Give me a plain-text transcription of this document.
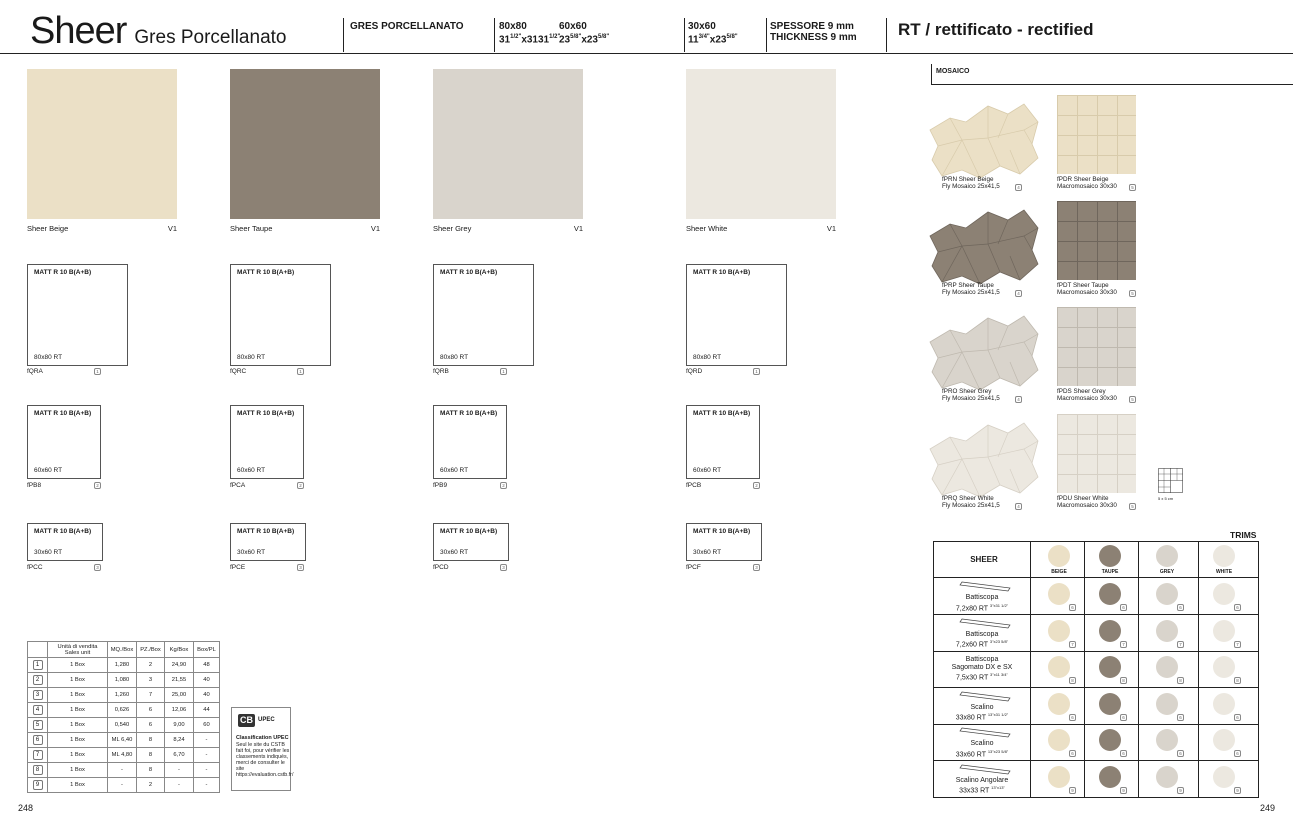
Sheer Gres Porcellanato
GRES PORCELLANATO	80x80
$31^{1/2"}x3131^{1/2"}$
60x60
$23^{5/8"}x23^{5/8"}$
30x60
$11^{3/4"}x23^{5/8"}$
SPESSORE 9 mm
THICKNESS 9 mm RT / rettificato - rectified
Sheer Beige	V1	Sheer Taupe	V1	Sheer Grey	V1	Sheer White	V1
MATT R 10 B(A+B)
80x80 RT
fQRA	1
MATT R 10 B(A+B)
80x80 RT
fQRC	1
MATT R 10 B(A+B)
80x80 RT
fQRB	1
MATT R 10 B(A+B)
80x80 RT
fQRD	1
MATT R 10 B(A+B)
60x60 RT
fPB8	2
MATT R 10 B(A+B)
60x60 RT
fPCA	2
MATT R 10 B(A+B)
60x60 RT
fPB9	2
MATT R 10 B(A+B)
60x60 RT
fPCB	2
MATT R 10 B(A+B)
30x60 RT
fPCC	3
MATT R 10 B(A+B)
30x60 RT
fPCE	3
MATT R 10 B(A+B)
30x60 RT
fPCD	3
MATT R 10 B(A+B)
30x60 RT
fPCF	3

	Unità di vendita
Sales unit	MQ./Box	PZ./Box	Kg/Box	Box/PL
1	1 Box	1,280	2	24,90	48
2	1 Box	1,080	3	21,55	40
3	1 Box	1,260	7	25,00	40
4	1 Box	0,626	6	12,06	44
5	1 Box	0,540	6	9,00	60
6	1 Box	ML 6,40	8	8,24	-
7	1 Box	ML 4,80	8	6,70	-
8	1 Box	-	8	-	-
9	1 Box	-	2	-	-
CB UPEC
Classification UPEC
Seul le site du CSTB fait foi, pour vérifier les classements indiqués, merci de consulter le site https://evaluation.cstb.fr/
248	249
MOSAICO
fPRN Sheer Beige
Fly Mosaico 25x41,5	4
fPDR Sheer Beige
Macromosaico 30x30	5
fPRP Sheer Taupe
Fly Mosaico 25x41,5	4
fPDT Sheer Taupe
Macromosaico 30x30	5
fPRO Sheer Grey
Fly Mosaico 25x41,5	4
fPDS Sheer Grey
Macromosaico 30x30	5
fPRQ Sheer White
Fly Mosaico 25x41,5	4
fPDU Sheer White
Macromosaico 30x30	5
5 x 5 cm
TRIMS
SHEER
BEIGE	TAUPE	GREY	WHITE
Battiscopa
7,2x80 RT $^{3"x31 1/2"}$	6	6	6	6
Battiscopa
7,2x60 RT $^{3"x23 5/8"}$	7	7	7	7
Battiscopa
Sagomato DX e SX
7,5x30 RT $^{3"x11 3/4"}$
8	8	8	8
Scalino
33x80 RT $^{13"x31 1/2"}$	6	6	6	6
Scalino
33x60 RT $^{13"x23 5/8"}$	6	6	6	6
Scalino Angolare
33x33 RT $^{13"x13"}$	9	9	9	9
